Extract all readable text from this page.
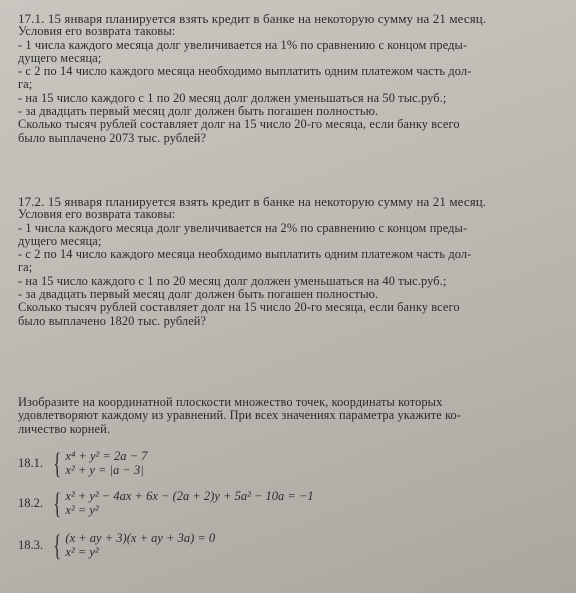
17.1. 15 января планируется взять кредит в банке на некоторую сумму на 21 месяц.
Условия его возврата таковы:
- 1 числа каждого месяца долг увеличивается на 1% по сравнению с концом преды-
дущего месяца;
- с 2 по 14 число каждого месяца необходимо выплатить одним платежом часть дол-
га;
- на 15 число каждого с 1 по 20 месяц долг должен уменьшаться на 50 тыс.руб.;
- за двадцать первый месяц долг должен быть погашен полностью.
Сколько тысяч рублей составляет долг на 15 число 20-го месяца, если банку всего
было выплачено 2073 тыс. рублей?
17.2. 15 января планируется взять кредит в банке на некоторую сумму на 21 месяц.
Условия его возврата таковы:
- 1 числа каждого месяца долг увеличивается на 2% по сравнению с концом преды-
дущего месяца;
- с 2 по 14 число каждого месяца необходимо выплатить одним платежом часть дол-
га;
- на 15 число каждого с 1 по 20 месяц долг должен уменьшаться на 40 тыс.руб.;
- за двадцать первый месяц долг должен быть погашен полностью.
Сколько тысяч рублей составляет долг на 15 число 20-го месяца, если банку всего
было выплачено 1820 тыс. рублей?
Изобразите на координатной плоскости множество точек, координаты которых
удовлетворяют каждому из уравнений. При всех значениях параметра укажите ко-
личество корней.
18.1. { x⁴ + y² = 2a − 7
x² + y = |a − 3|
18.2. { x² + y² − 4ax + 6x − (2a + 2)y + 5a² − 10a = −1
x² = y²
18.3. { (x + ay + 3)(x + ay + 3a) = 0
x² = y²
